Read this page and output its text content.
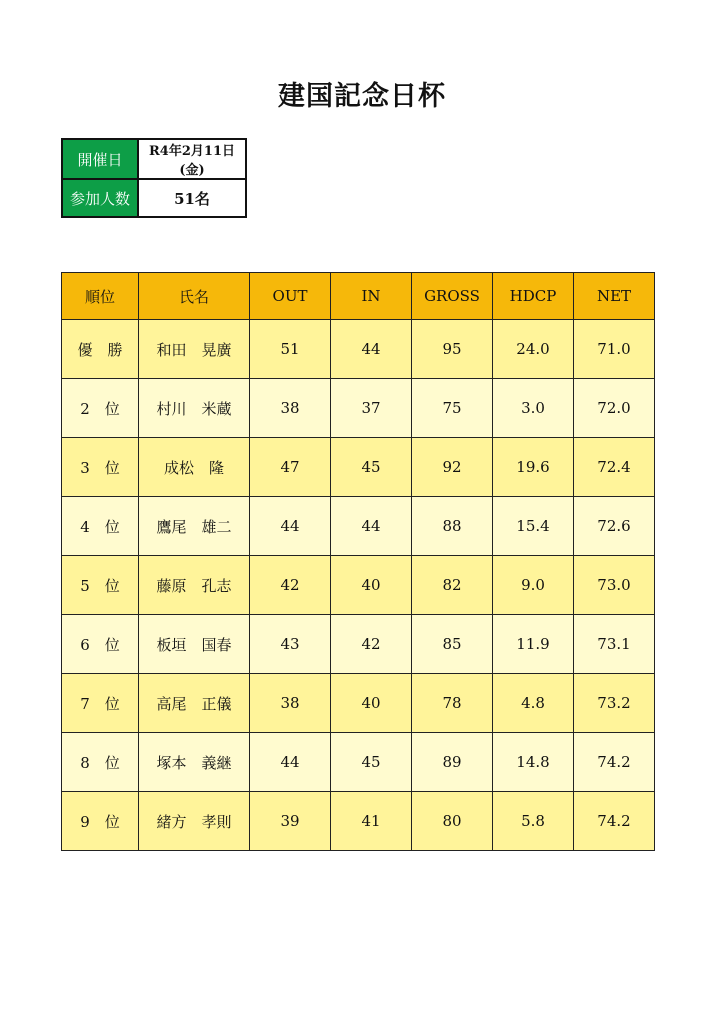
建国記念日杯
開催日	R4年2月11日(金)
参加人数	51名
順位	氏名	OUT	IN	GROSS	HDCP	NET
優　勝	和田　晃廣	51	44	95	24.0	71.0
2　位	村川　米蔵	38	37	75	3.0	72.0
3　位	成松　隆	47	45	92	19.6	72.4
4　位	鷹尾　雄二	44	44	88	15.4	72.6
5　位	藤原　孔志	42	40	82	9.0	73.0
6　位	板垣　国春	43	42	85	11.9	73.1
7　位	高尾　正儀	38	40	78	4.8	73.2
8　位	塚本　義継	44	45	89	14.8	74.2
9　位	緒方　孝則	39	41	80	5.8	74.2
